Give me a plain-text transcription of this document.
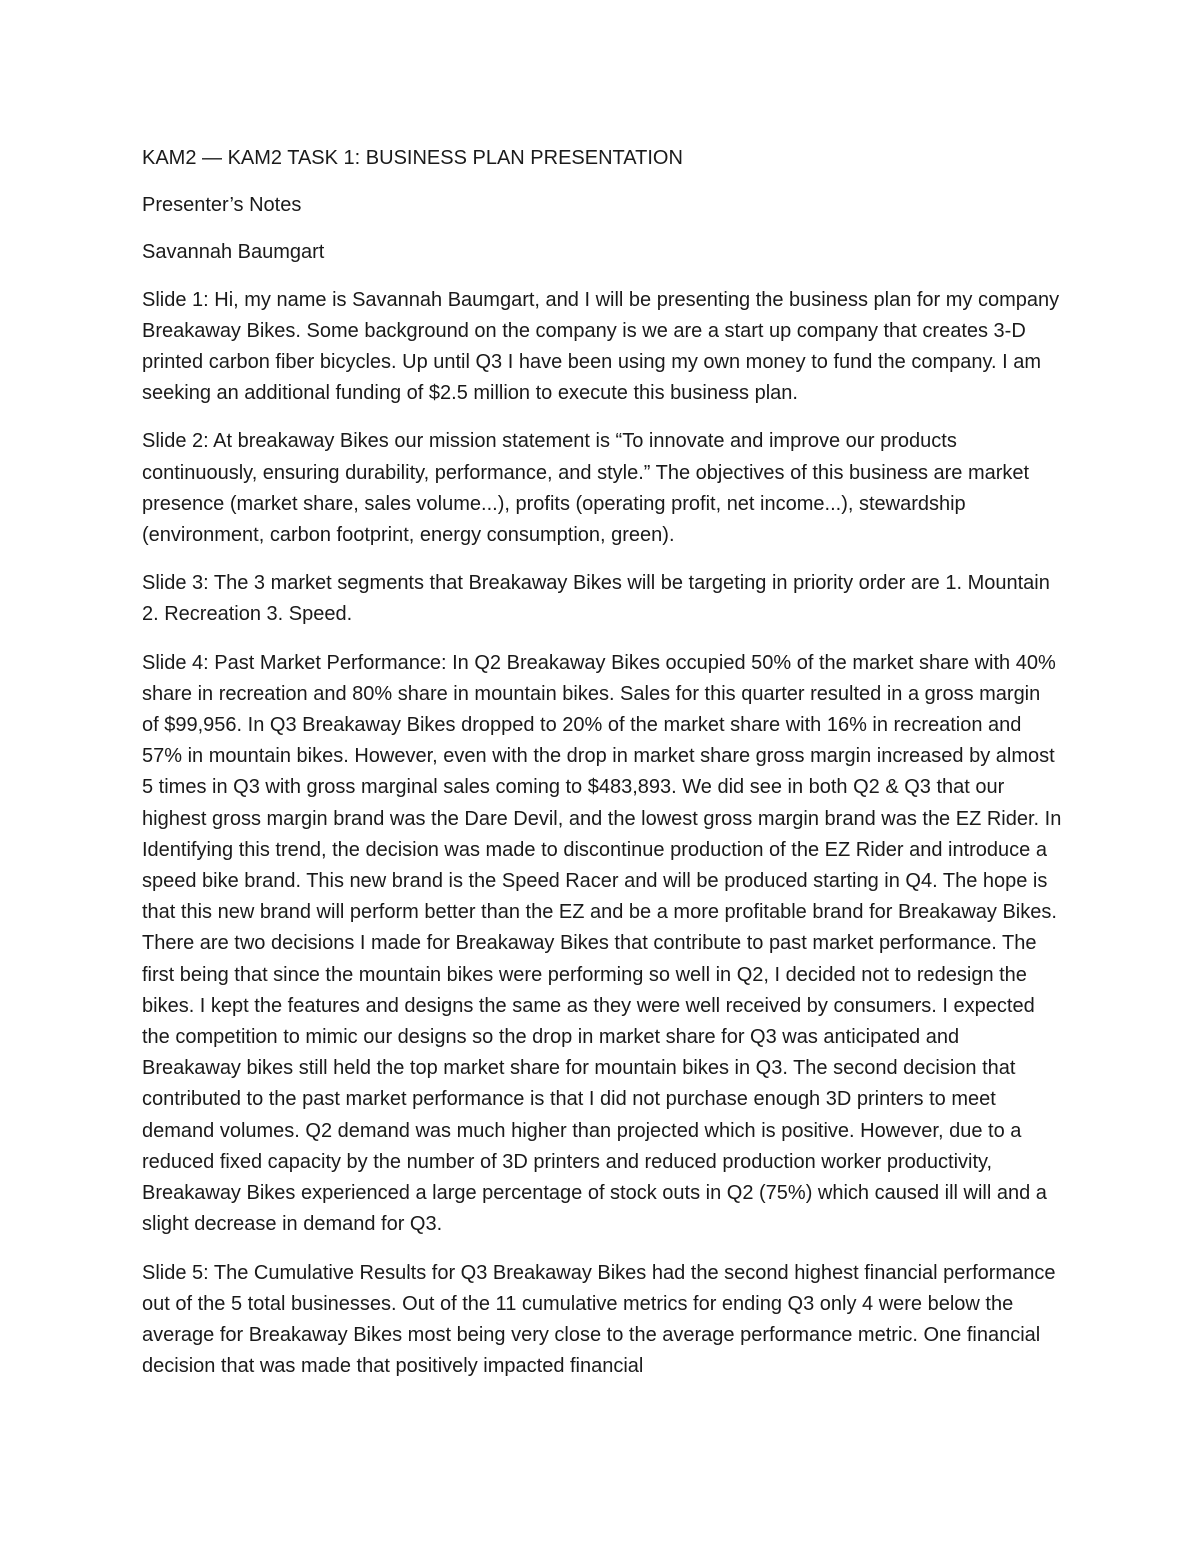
KAM2 — KAM2 TASK 1: BUSINESS PLAN PRESENTATION

Presenter’s Notes

Savannah Baumgart

Slide 1: Hi, my name is Savannah Baumgart, and I will be presenting the business plan for my company Breakaway Bikes. Some background on the company is we are a start up company that creates 3-D printed carbon fiber bicycles. Up until Q3 I have been using my own money to fund the company. I am seeking an additional funding of $2.5 million to execute this business plan.

Slide 2: At breakaway Bikes our mission statement is “To innovate and improve our products continuously, ensuring durability, performance, and style.” The objectives of this business are market presence (market share, sales volume...), profits (operating profit, net income...), stewardship (environment, carbon footprint, energy consumption, green).

Slide 3: The 3 market segments that Breakaway Bikes will be targeting in priority order are 1. Mountain 2. Recreation 3. Speed.

Slide 4: Past Market Performance: In Q2 Breakaway Bikes occupied 50% of the market share with 40% share in recreation and 80% share in mountain bikes. Sales for this quarter resulted in a gross margin of $99,956. In Q3 Breakaway Bikes dropped to 20% of the market share with 16% in recreation and 57% in mountain bikes. However, even with the drop in market share gross margin increased by almost 5 times in Q3 with gross marginal sales coming to $483,893. We did see in both Q2 & Q3 that our highest gross margin brand was the Dare Devil, and the lowest gross margin brand was the EZ Rider. In Identifying this trend, the decision was made to discontinue production of the EZ Rider and introduce a speed bike brand. This new brand is the Speed Racer and will be produced starting in Q4. The hope is that this new brand will perform better than the EZ and be a more profitable brand for Breakaway Bikes. There are two decisions I made for Breakaway Bikes that contribute to past market performance. The first being that since the mountain bikes were performing so well in Q2, I decided not to redesign the bikes. I kept the features and designs the same as they were well received by consumers. I expected the competition to mimic our designs so the drop in market share for Q3 was anticipated and Breakaway bikes still held the top market share for mountain bikes in Q3. The second decision that contributed to the past market performance is that I did not purchase enough 3D printers to meet demand volumes. Q2 demand was much higher than projected which is positive. However, due to a reduced fixed capacity by the number of 3D printers and reduced production worker productivity, Breakaway Bikes experienced a large percentage of stock outs in Q2 (75%) which caused ill will and a slight decrease in demand for Q3.

Slide 5: The Cumulative Results for Q3 Breakaway Bikes had the second highest financial performance out of the 5 total businesses. Out of the 11 cumulative metrics for ending Q3 only 4 were below the average for Breakaway Bikes most being very close to the average performance metric. One financial decision that was made that positively impacted financial
